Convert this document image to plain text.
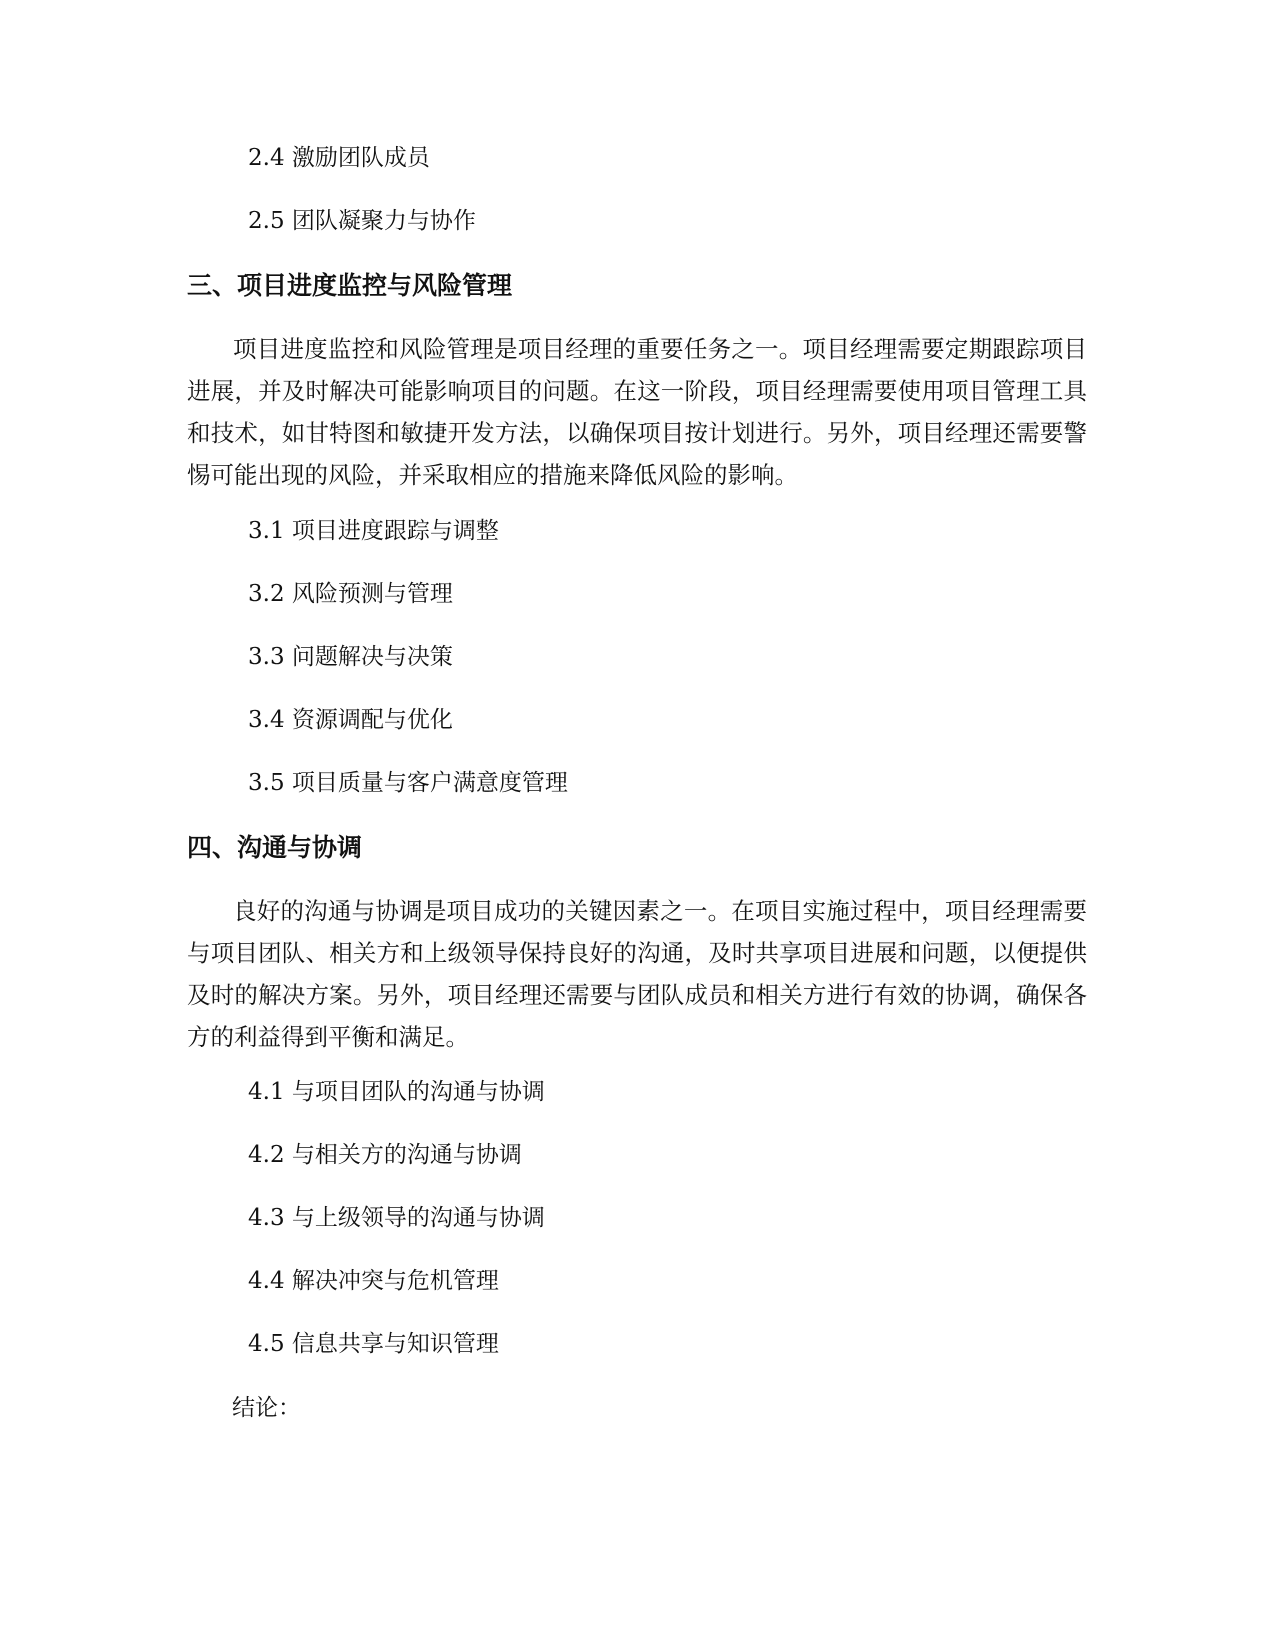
2.4 激励团队成员
2.5 团队凝聚力与协作
三、项目进度监控与风险管理
项目进度监控和风险管理是项目经理的重要任务之一。项目经理需要定期跟踪项目进展，并及时解决可能影响项目的问题。在这一阶段，项目经理需要使用项目管理工具和技术，如甘特图和敏捷开发方法，以确保项目按计划进行。另外，项目经理还需要警惕可能出现的风险，并采取相应的措施来降低风险的影响。
3.1 项目进度跟踪与调整
3.2 风险预测与管理
3.3 问题解决与决策
3.4 资源调配与优化
3.5 项目质量与客户满意度管理
四、沟通与协调
良好的沟通与协调是项目成功的关键因素之一。在项目实施过程中，项目经理需要与项目团队、相关方和上级领导保持良好的沟通，及时共享项目进展和问题，以便提供及时的解决方案。另外，项目经理还需要与团队成员和相关方进行有效的协调，确保各方的利益得到平衡和满足。
4.1 与项目团队的沟通与协调
4.2 与相关方的沟通与协调
4.3 与上级领导的沟通与协调
4.4 解决冲突与危机管理
4.5 信息共享与知识管理
结论：
